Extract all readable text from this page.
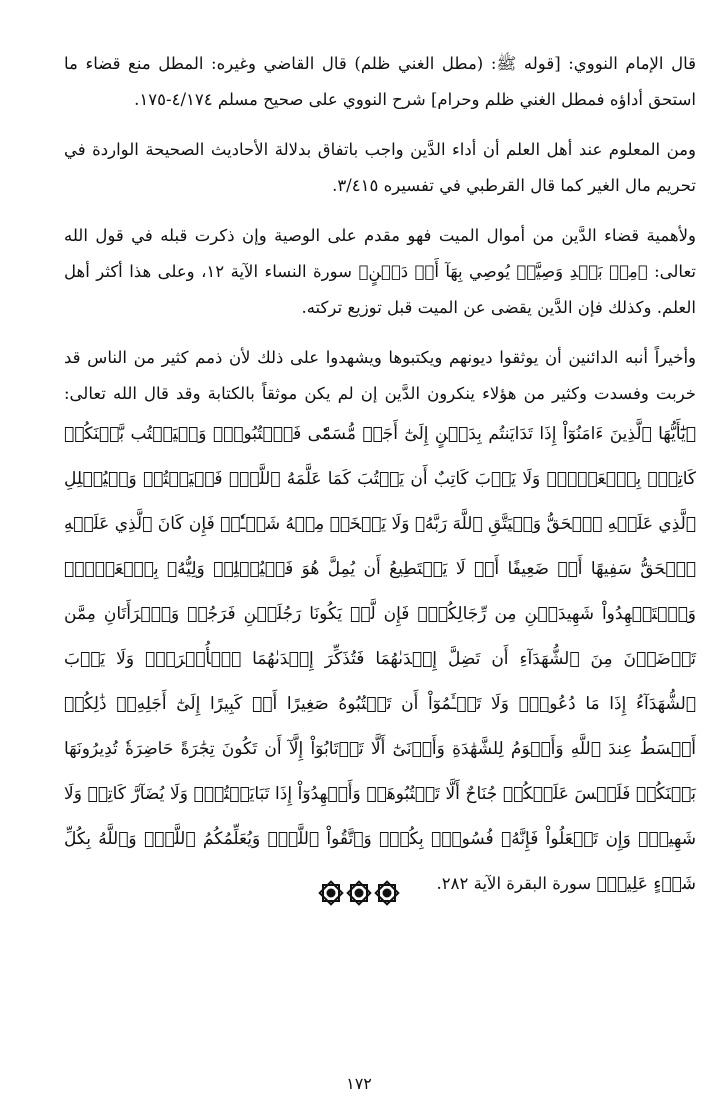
قال الإمام النووي: [قوله ﷺ: (مطل الغني ظلم) قال القاضي وغيره: المطل منع قضاء ما استحق أداؤه فمطل الغني ظلم وحرام] شرح النووي على صحيح مسلم ٤/١٧٤-١٧٥.

ومن المعلوم عند أهل العلم أن أداء الدَّين واجب باتفاق بدلالة الأحاديث الصحيحة الواردة في تحريم مال الغير كما قال القرطبي في تفسيره ٣/٤١٥.

ولأهمية قضاء الدَّين من أموال الميت فهو مقدم على الوصية وإن ذكرت قبله في قول الله تعالى: ﴿مِنۢ بَعۡدِ وَصِيَّةٖ يُوصِي بِهَآ أَوۡ دَيۡنٍ﴾ سورة النساء الآية ١٢، وعلى هذا أكثر أهل العلم. وكذلك فإن الدَّين يقضى عن الميت قبل توزيع تركته.

وأخيراً أنبه الدائنين أن يوثقوا ديونهم ويكتبوها ويشهدوا على ذلك لأن ذمم كثير من الناس قد خربت وفسدت وكثير من هؤلاء ينكرون الدَّين إن لم يكن موثقاً بالكتابة وقد قال الله تعالى:﴿يَٰٓأَيُّهَا ٱلَّذِينَ ءَامَنُوٓاْ إِذَا تَدَايَنتُم بِدَيۡنٍ إِلَىٰٓ أَجَلٖ مُّسَمّٗى فَٱكۡتُبُوهُۚ وَلۡيَكۡتُب بَّيۡنَكُمۡ كَاتِبُۢ بِٱلۡعَدۡلِۚ وَلَا يَأۡبَ كَاتِبٌ أَن يَكۡتُبَ كَمَا عَلَّمَهُ ٱللَّهُۚ فَلۡيَكۡتُبۡ وَلۡيُمۡلِلِ ٱلَّذِي عَلَيۡهِ ٱلۡحَقُّ وَلۡيَتَّقِ ٱللَّهَ رَبَّهُۥ وَلَا يَبۡخَسۡ مِنۡهُ شَيۡـٔٗاۚ فَإِن كَانَ ٱلَّذِي عَلَيۡهِ ٱلۡحَقُّ سَفِيهًا أَوۡ ضَعِيفًا أَوۡ لَا يَسۡتَطِيعُ أَن يُمِلَّ هُوَ فَلۡيُمۡلِلۡ وَلِيُّهُۥ بِٱلۡعَدۡلِۚ وَٱسۡتَشۡهِدُواْ شَهِيدَيۡنِ مِن رِّجَالِكُمۡۖ فَإِن لَّمۡ يَكُونَا رَجُلَيۡنِ فَرَجُلٞ وَٱمۡرَأَتَانِ مِمَّن تَرۡضَوۡنَ مِنَ ٱلشُّهَدَآءِ أَن تَضِلَّ إِحۡدَىٰهُمَا فَتُذَكِّرَ إِحۡدَىٰهُمَا ٱلۡأُخۡرَىٰۚ وَلَا يَأۡبَ ٱلشُّهَدَآءُ إِذَا مَا دُعُواْۚ وَلَا تَسۡـَٔمُوٓاْ أَن تَكۡتُبُوهُ صَغِيرًا أَوۡ كَبِيرًا إِلَىٰٓ أَجَلِهِۦۚ ذَٰلِكُمۡ أَقۡسَطُ عِندَ ٱللَّهِ وَأَقۡوَمُ لِلشَّهَٰدَةِ وَأَدۡنَىٰٓ أَلَّا تَرۡتَابُوٓاْ إِلَّآ أَن تَكُونَ تِجَٰرَةً حَاضِرَةٗ تُدِيرُونَهَا بَيۡنَكُمۡ فَلَيۡسَ عَلَيۡكُمۡ جُنَاحٌ أَلَّا تَكۡتُبُوهَاۗ وَأَشۡهِدُوٓاْ إِذَا تَبَايَعۡتُمۡۚ وَلَا يُضَآرَّ كَاتِبٞ وَلَا شَهِيدٞۚ وَإِن تَفۡعَلُواْ فَإِنَّهُۥ فُسُوقُۢ بِكُمۡۗ وَٱتَّقُواْ ٱللَّهَۖ وَيُعَلِّمُكُمُ ٱللَّهُۗ وَٱللَّهُ بِكُلِّ شَيۡءٍ عَلِيمٞ﴾ سورة البقرة الآية ٢٨٢.

١٧٢
